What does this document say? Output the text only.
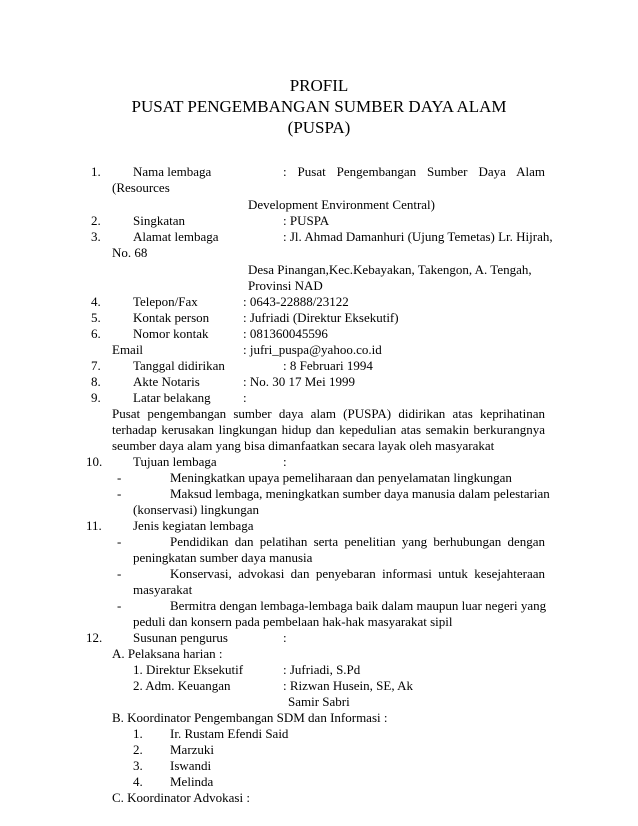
PROFIL
PUSAT PENGEMBANGAN SUMBER DAYA ALAM
(PUSPA)
1. Nama lembaga	: Pusat Pengembangan Sumber Daya Alam
(Resources
Development Environment Central)
2. Singkatan	: PUSPA
3. Alamat lembaga	: Jl. Ahmad Damanhuri (Ujung Temetas) Lr. Hijrah,
No. 68
Desa Pinangan,Kec.Kebayakan, Takengon, A. Tengah,
Provinsi NAD
4. Telepon/Fax	: 0643-22888/23122
5. Kontak person	: Jufriadi (Direktur Eksekutif)
6. Nomor kontak	: 081360045596
Email	: jufri_puspa@yahoo.co.id
7. Tanggal didirikan	: 8 Februari 1994
8. Akte Notaris	: No. 30 17 Mei 1999
9. Latar belakang :
Pusat pengembangan sumber daya alam (PUSPA) didirikan atas keprihatinan
terhadap kerusakan lingkungan hidup dan kepedulian atas semakin berkurangnya
seumber daya alam yang bisa dimanfaatkan secara layak oleh masyarakat
10. Tujuan lembaga	:
-	Meningkatkan upaya pemeliharaan dan penyelamatan lingkungan
-	Maksud lembaga, meningkatkan sumber daya manusia dalam pelestarian
(konservasi) lingkungan
11. Jenis kegiatan lembaga
-	Pendidikan dan pelatihan serta penelitian yang berhubungan dengan
peningkatan sumber daya manusia
-	Konservasi, advokasi dan penyebaran informasi untuk kesejahteraan
masyarakat
-	Bermitra dengan lembaga-lembaga baik dalam maupun luar negeri yang
peduli dan konsern pada pembelaan hak-hak masyarakat sipil
12. Susunan pengurus	:
A. Pelaksana harian :
1. Direktur Eksekutif	: Jufriadi, S.Pd
2. Adm. Keuangan	: Rizwan Husein, SE, Ak
Samir Sabri
B. Koordinator Pengembangan SDM dan Informasi :
1. Ir. Rustam Efendi Said
2. Marzuki
3. Iswandi
4. Melinda
C. Koordinator Advokasi :
